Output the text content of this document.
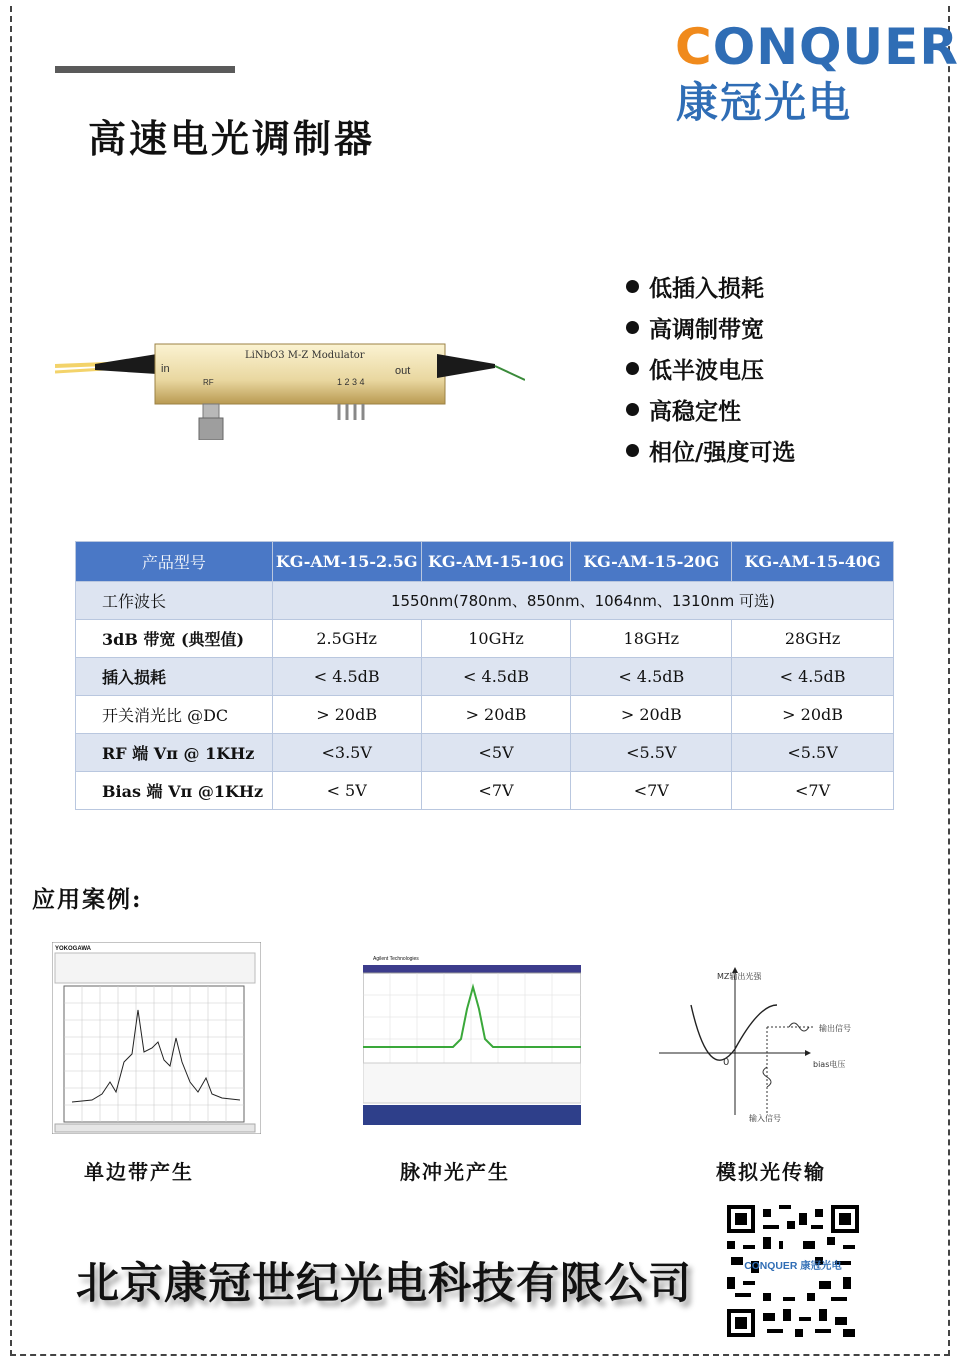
CONQUER
康冠光电
高速电光调制器
LiNbO3 M-Z Modulator
in	out
RF	1 2 3 4
低插入损耗
高调制带宽
低半波电压
高稳定性
相位/强度可选
产品型号	KG-AM-15-2.5G	KG-AM-15-10G	KG-AM-15-20G	KG-AM-15-40G
工作波长	1550nm(780nm、850nm、1064nm、1310nm 可选)			
3dB 带宽 (典型值)	2.5GHz	10GHz	18GHz	28GHz
插入损耗	< 4.5dB	< 4.5dB	< 4.5dB	< 4.5dB
开关消光比 @DC	> 20dB	> 20dB	> 20dB	> 20dB
RF 端 Vπ @ 1KHz	<3.5V	<5V	<5.5V	<5.5V
Bias 端 Vπ @1KHz	< 5V	<7V	<7V	<7V
应用案例:
YOKOGAWA
Agilent Technologies
MZ输出光强
输出信号
bias电压
输入信号
0
单边带产生	脉冲光产生	模拟光传输
北京康冠世纪光电科技有限公司	CONQUER 康冠光电
